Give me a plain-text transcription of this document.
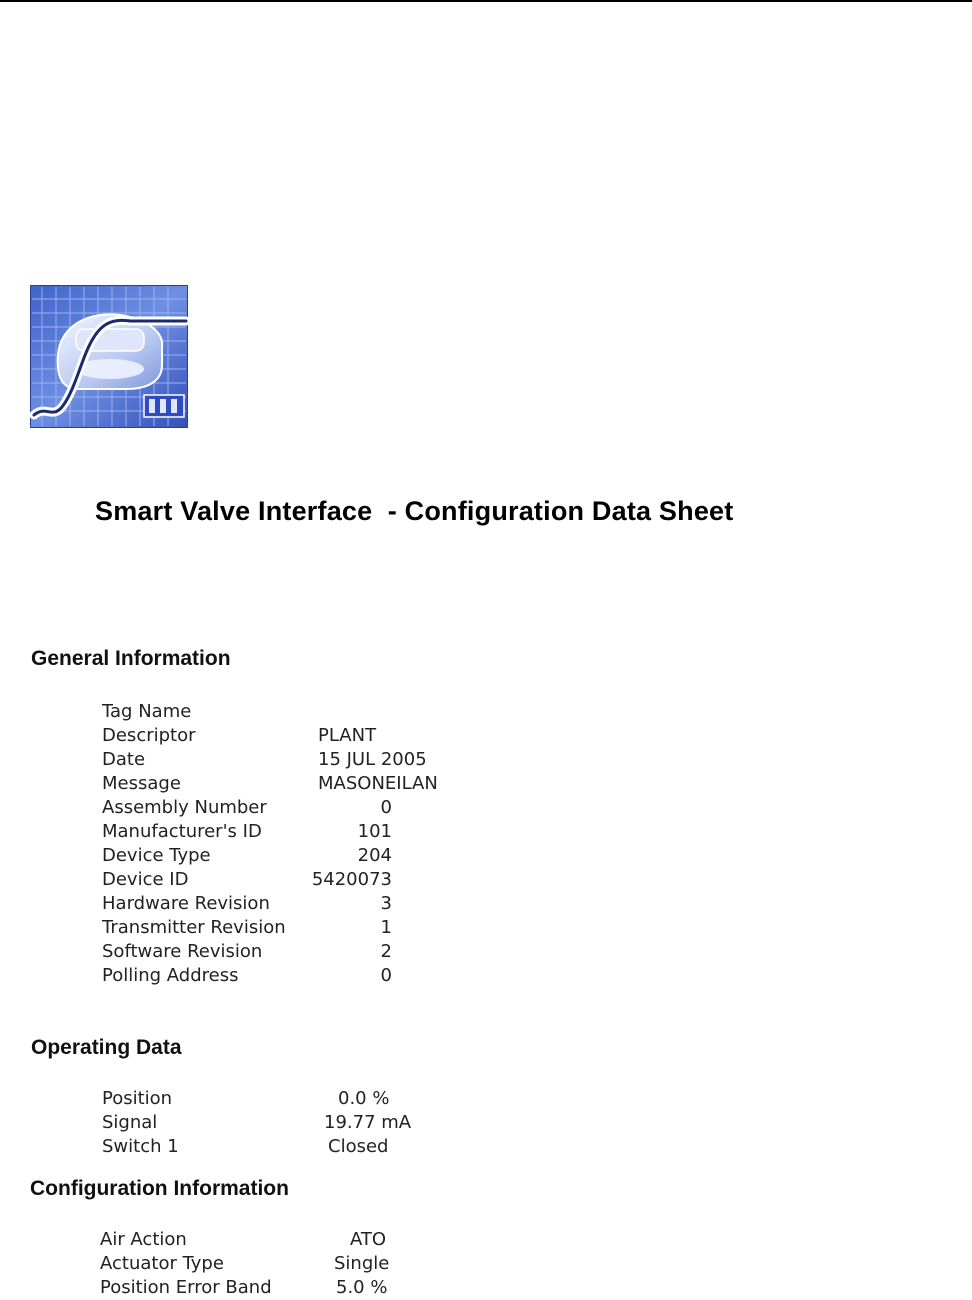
Smart Valve Interface  - Configuration Data Sheet
General Information
Tag Name
Descriptor	PLANT
Date	15 JUL 2005
Message	MASONEILAN
Assembly Number	0
Manufacturer's ID	101
Device Type	204
Device ID	5420073
Hardware Revision	3
Transmitter Revision	1
Software Revision	2
Polling Address	0
Operating Data
Position	0.0 %
Signal	19.77 mA
Switch 1	Closed
Configuration Information
Air Action	ATO
Actuator Type	Single
Position Error Band	5.0 %
